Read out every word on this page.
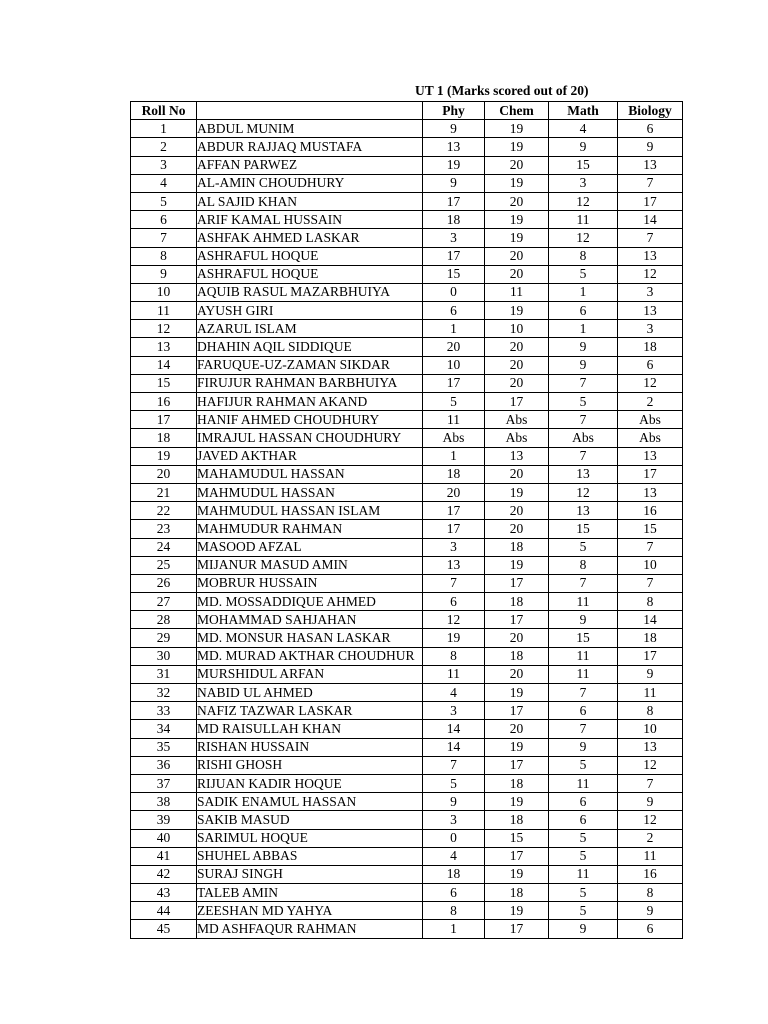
UT 1 (Marks scored out of 20)
Roll No		Phy	Chem	Math	Biology
1	ABDUL MUNIM	9	19	4	6
2	ABDUR RAJJAQ MUSTAFA	13	19	9	9
3	AFFAN PARWEZ	19	20	15	13
4	AL-AMIN CHOUDHURY	9	19	3	7
5	AL SAJID KHAN	17	20	12	17
6	ARIF KAMAL HUSSAIN	18	19	11	14
7	ASHFAK AHMED LASKAR	3	19	12	7
8	ASHRAFUL HOQUE	17	20	8	13
9	ASHRAFUL HOQUE	15	20	5	12
10	AQUIB RASUL MAZARBHUIYA	0	11	1	3
11	AYUSH GIRI	6	19	6	13
12	AZARUL ISLAM	1	10	1	3
13	DHAHIN AQIL SIDDIQUE	20	20	9	18
14	FARUQUE-UZ-ZAMAN SIKDAR	10	20	9	6
15	FIRUJUR RAHMAN BARBHUIYA	17	20	7	12
16	HAFIJUR RAHMAN AKAND	5	17	5	2
17	HANIF AHMED CHOUDHURY	11	Abs	7	Abs
18	IMRAJUL HASSAN CHOUDHURY	Abs	Abs	Abs	Abs
19	JAVED AKTHAR	1	13	7	13
20	MAHAMUDUL HASSAN	18	20	13	17
21	MAHMUDUL HASSAN	20	19	12	13
22	MAHMUDUL HASSAN ISLAM	17	20	13	16
23	MAHMUDUR RAHMAN	17	20	15	15
24	MASOOD AFZAL	3	18	5	7
25	MIJANUR MASUD AMIN	13	19	8	10
26	MOBRUR HUSSAIN	7	17	7	7
27	MD. MOSSADDIQUE AHMED	6	18	11	8
28	MOHAMMAD SAHJAHAN	12	17	9	14
29	MD. MONSUR HASAN LASKAR	19	20	15	18
30	MD. MURAD AKTHAR CHOUDHUR	8	18	11	17
31	MURSHIDUL ARFAN	11	20	11	9
32	NABID UL AHMED	4	19	7	11
33	NAFIZ TAZWAR LASKAR	3	17	6	8
34	MD RAISULLAH KHAN	14	20	7	10
35	RISHAN HUSSAIN	14	19	9	13
36	RISHI GHOSH	7	17	5	12
37	RIJUAN KADIR HOQUE	5	18	11	7
38	SADIK ENAMUL HASSAN	9	19	6	9
39	SAKIB MASUD	3	18	6	12
40	SARIMUL HOQUE	0	15	5	2
41	SHUHEL ABBAS	4	17	5	11
42	SURAJ SINGH	18	19	11	16
43	TALEB AMIN	6	18	5	8
44	ZEESHAN MD YAHYA	8	19	5	9
45	MD ASHFAQUR RAHMAN	1	17	9	6
